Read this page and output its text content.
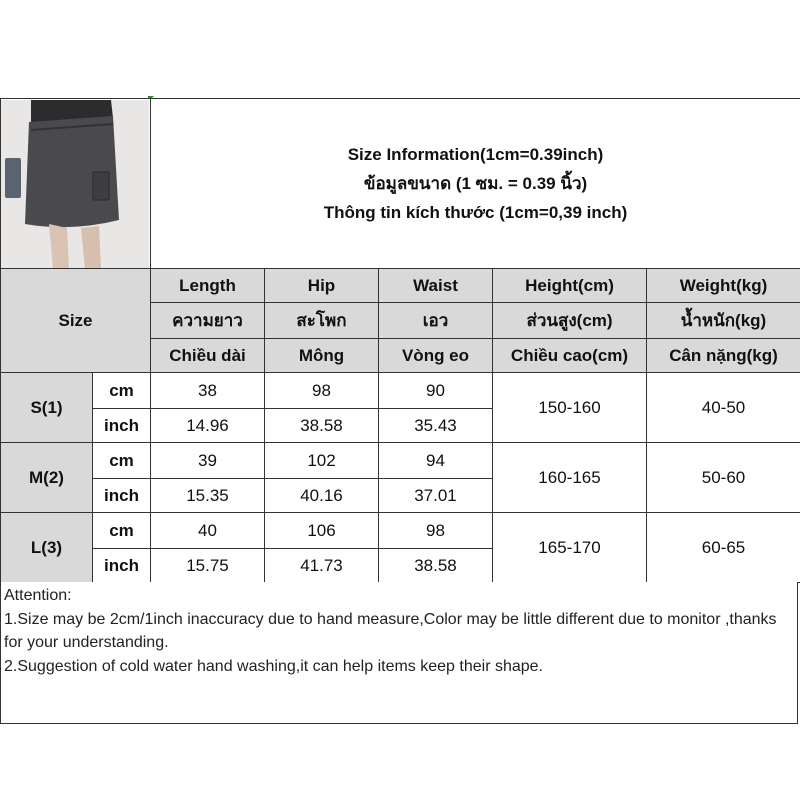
Size Information(1cm=0.39inch)
ข้อมูลขนาด (1 ซม. = 0.39 นิ้ว)
Thông tin kích thước (1cm=0,39 inch)				

Size		Length	Hip	Waist	Height(cm)	Weight(kg)
		ความยาว	สะโพก	เอว	ส่วนสูง(cm)	น้ำหนัก(kg)
		Chiều dài	Mông	Vòng eo	Chiều cao(cm)	Cân nặng(kg)
S(1)	cm	38	98	90	150-160	40-50
	inch	14.96	38.58	35.43		
M(2)	cm	39	102	94	160-165	50-60
	inch	15.35	40.16	37.01		
L(3)	cm	40	106	98	165-170	60-65
	inch	15.75	41.73	38.58		
Attention:
1.Size may be 2cm/1inch inaccuracy due to hand measure,Color may be little different due to monitor ,thanks for your understanding.
2.Suggestion of cold water hand washing,it can help items keep their shape.
